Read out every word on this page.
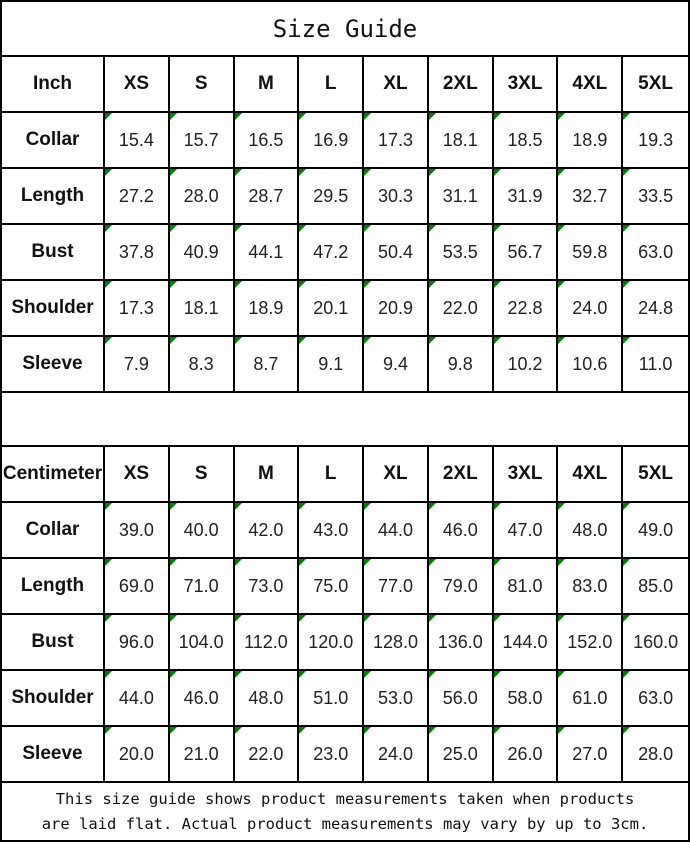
Size Guide
Inch	XS	S	M	L	XL	2XL	3XL	4XL	5XL
Collar	15.4 15.7 16.5 16.9 17.3 18.1 18.5 18.9 19.3
Length	27.2 28.0 28.7 29.5 30.3 31.1 31.9 32.7 33.5
Bust	37.8 40.9 44.1 47.2 50.4 53.5 56.7 59.8 63.0
Shoulder	17.3 18.1 18.9 20.1 20.9 22.0 22.8 24.0 24.8
Sleeve	7.9 8.3 8.7 9.1 9.4 9.8 10.2 10.6 11.0
Centimeter	XS	S	M	L	XL	2XL	3XL	4XL	5XL
Collar	39.0 40.0 42.0 43.0 44.0 46.0 47.0 48.0 49.0
Length	69.0 71.0 73.0 75.0 77.0 79.0 81.0 83.0 85.0
Bust	96.0 104.0 112.0 120.0 128.0 136.0 144.0 152.0 160.0
Shoulder	44.0 46.0 48.0 51.0 53.0 56.0 58.0 61.0 63.0
Sleeve	20.0 21.0 22.0 23.0 24.0 25.0 26.0 27.0 28.0
This size guide shows product measurements taken when products
are laid flat. Actual product measurements may vary by up to 3cm.
